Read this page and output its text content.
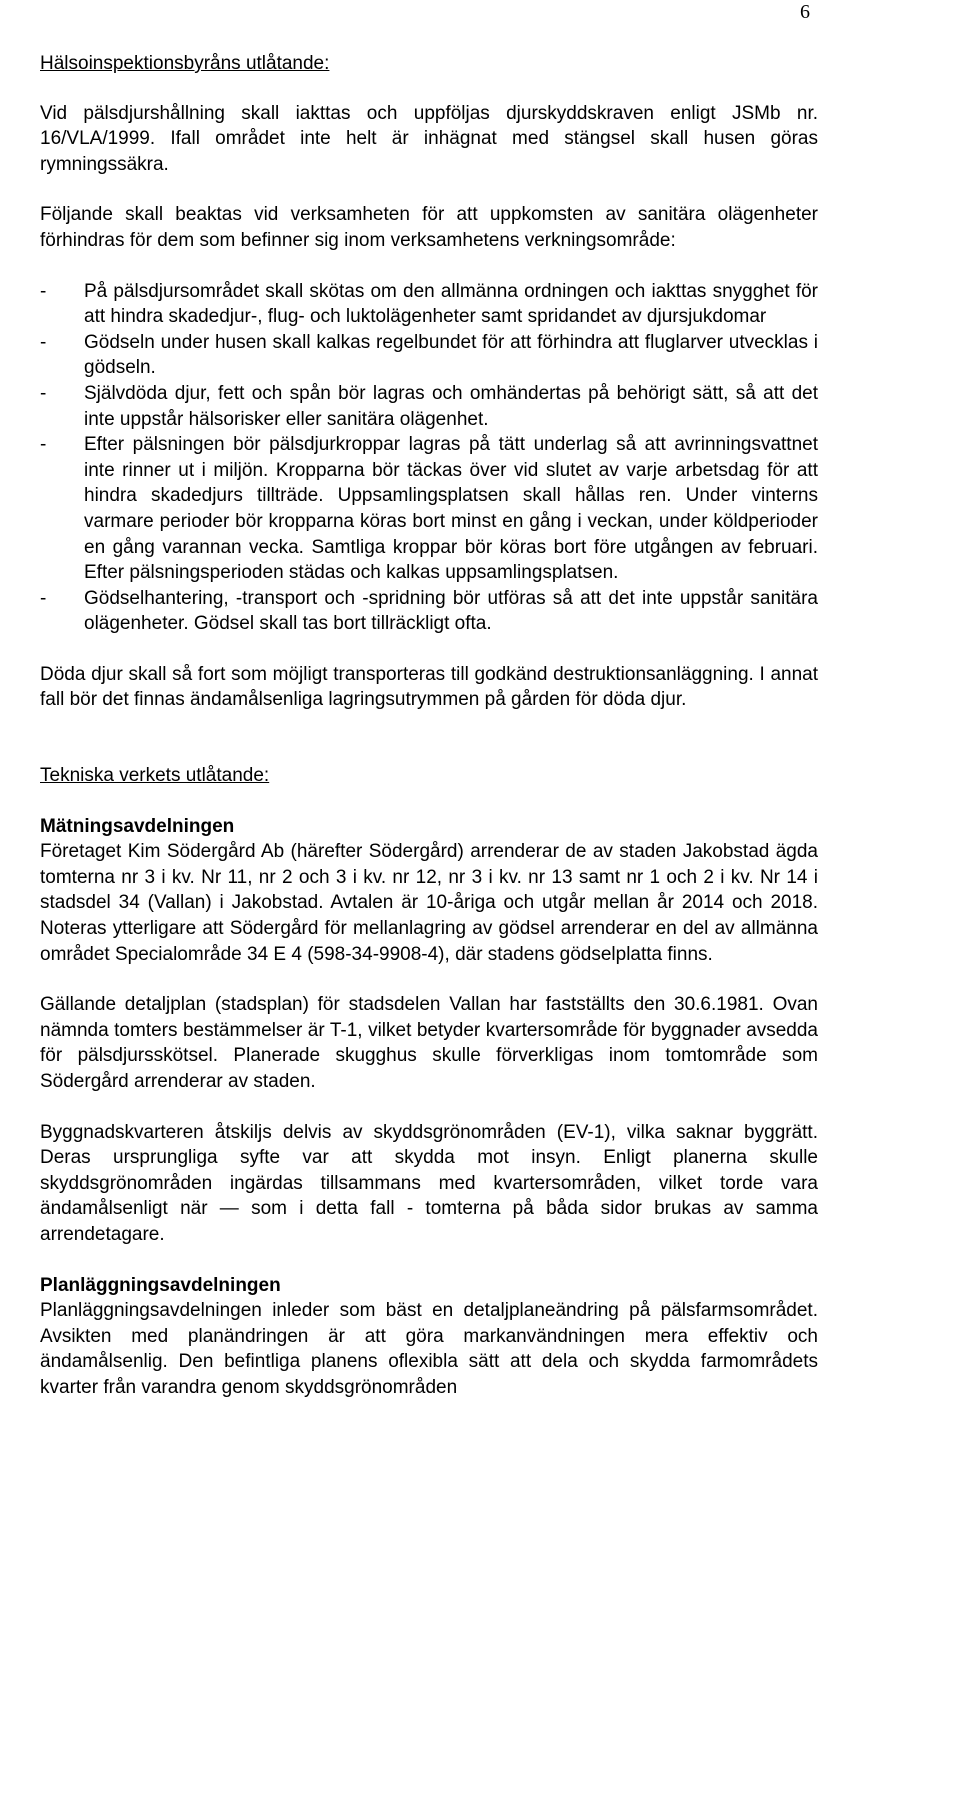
6

Hälsoinspektionsbyråns utlåtande:

Vid pälsdjurshållning skall iakttas och uppföljas djurskyddskraven enligt JSMb nr. 16/VLA/1999. Ifall området inte helt är inhägnat med stängsel skall husen göras rymningssäkra.

Följande skall beaktas vid verksamheten för att uppkomsten av sanitära olägenheter förhindras för dem som befinner sig inom verksamhetens verkningsområde:

- På pälsdjursområdet skall skötas om den allmänna ordningen och iakttas snygghet för att hindra skadedjur-, flug- och luktolägenheter samt spridandet av djursjukdomar
- Gödseln under husen skall kalkas regelbundet för att förhindra att fluglarver utvecklas i gödseln.
- Självdöda djur, fett och spån bör lagras och omhändertas på behörigt sätt, så att det inte uppstår hälsorisker eller sanitära olägenhet.
- Efter pälsningen bör pälsdjurkroppar lagras på tätt underlag så att avrinningsvattnet inte rinner ut i miljön. Kropparna bör täckas över vid slutet av varje arbetsdag för att hindra skadedjurs tillträde. Uppsamlingsplatsen skall hållas ren. Under vinterns varmare perioder bör kropparna köras bort minst en gång i veckan, under köldperioder en gång varannan vecka. Samtliga kroppar bör köras bort före utgången av februari. Efter pälsningsperioden städas och kalkas uppsamlingsplatsen.
- Gödselhantering, -transport och -spridning bör utföras så att det inte uppstår sanitära olägenheter. Gödsel skall tas bort tillräckligt ofta.

Döda djur skall så fort som möjligt transporteras till godkänd destruktionsanläggning. I annat fall bör det finnas ändamålsenliga lagringsutrymmen på gården för döda djur.

Tekniska verkets utlåtande:

Mätningsavdelningen

Företaget Kim Södergård Ab (härefter Södergård) arrenderar de av staden Jakobstad ägda tomterna nr 3 i kv. Nr 11, nr 2 och 3 i kv. nr 12, nr 3 i kv. nr 13 samt nr 1 och 2 i kv. Nr 14 i stadsdel 34 (Vallan) i Jakobstad. Avtalen är 10-åriga och utgår mellan år 2014 och 2018. Noteras ytterligare att Södergård för mellanlagring av gödsel arrenderar en del av allmänna området Specialområde 34 E 4 (598-34-9908-4), där stadens gödselplatta finns.

Gällande detaljplan (stadsplan) för stadsdelen Vallan har fastställts den 30.6.1981. Ovan nämnda tomters bestämmelser är T-1, vilket betyder kvartersområde för byggnader avsedda för pälsdjursskötsel. Planerade skugghus skulle förverkligas inom tomtområde som Södergård arrenderar av staden.

Byggnadskvarteren åtskiljs delvis av skyddsgrönområden (EV-1), vilka saknar byggrätt. Deras ursprungliga syfte var att skydda mot insyn. Enligt planerna skulle skyddsgrönområden ingärdas tillsammans med kvartersområden, vilket torde vara ändamålsenligt när — som i detta fall - tomterna på båda sidor brukas av samma arrendetagare.

Planläggningsavdelningen

Planläggningsavdelningen inleder som bäst en detaljplaneändring på pälsfarmsområdet. Avsikten med planändringen är att göra markanvändningen mera effektiv och ändamålsenlig. Den befintliga planens oflexibla sätt att dela och skydda farmområdets kvarter från varandra genom skyddsgrönområden
